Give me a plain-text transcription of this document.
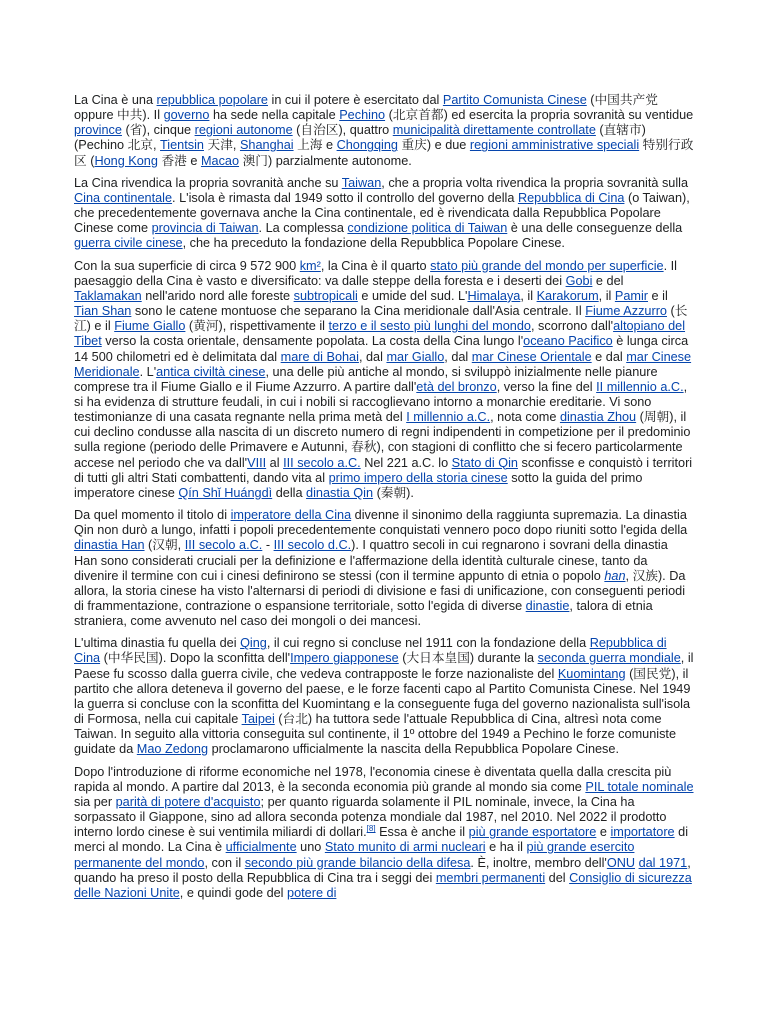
La Cina è una repubblica popolare in cui il potere è esercitato dal Partito Comunista Cinese (中国共产党 oppure 中共). Il governo ha sede nella capitale Pechino (北京首都) ed esercita la propria sovranità su ventidue province (省), cinque regioni autonome (自治区), quattro municipalità direttamente controllate (直辖市) (Pechino 北京, Tientsin 天津, Shanghai 上海 e Chongqing 重庆) e due regioni amministrative speciali 特别行政区 (Hong Kong 香港 e Macao 澳门) parzialmente autonome.

La Cina rivendica la propria sovranità anche su Taiwan, che a propria volta rivendica la propria sovranità sulla Cina continentale. L'isola è rimasta dal 1949 sotto il controllo del governo della Repubblica di Cina (o Taiwan), che precedentemente governava anche la Cina continentale, ed è rivendicata dalla Repubblica Popolare Cinese come provincia di Taiwan. La complessa condizione politica di Taiwan è una delle conseguenze della guerra civile cinese, che ha preceduto la fondazione della Repubblica Popolare Cinese.

Con la sua superficie di circa 9 572 900 km², la Cina è il quarto stato più grande del mondo per superficie. Il paesaggio della Cina è vasto e diversificato: va dalle steppe della foresta e i deserti dei Gobi e del Taklamakan nell'arido nord alle foreste subtropicali e umide del sud. L'Himalaya, il Karakorum, il Pamir e il Tian Shan sono le catene montuose che separano la Cina meridionale dall'Asia centrale. Il Fiume Azzurro (长江) e il Fiume Giallo (黄河), rispettivamente il terzo e il sesto più lunghi del mondo, scorrono dall'altopiano del Tibet verso la costa orientale, densamente popolata. La costa della Cina lungo l'oceano Pacifico è lunga circa 14 500 chilometri ed è delimitata dal mare di Bohai, dal mar Giallo, dal mar Cinese Orientale e dal mar Cinese Meridionale. L'antica civiltà cinese, una delle più antiche al mondo, si sviluppò inizialmente nelle pianure comprese tra il Fiume Giallo e il Fiume Azzurro. A partire dall'età del bronzo, verso la fine del II millennio a.C., si ha evidenza di strutture feudali, in cui i nobili si raccoglievano intorno a monarchie ereditarie. Vi sono testimonianze di una casata regnante nella prima metà del I millennio a.C., nota come dinastia Zhou (周朝), il cui declino condusse alla nascita di un discreto numero di regni indipendenti in competizione per il predominio sulla regione (periodo delle Primavere e Autunni, 春秋), con stagioni di conflitto che si fecero particolarmente accese nel periodo che va dall'VIII al III secolo a.C. Nel 221 a.C. lo Stato di Qin sconfisse e conquistò i territori di tutti gli altri Stati combattenti, dando vita al primo impero della storia cinese sotto la guida del primo imperatore cinese Qín Shǐ Huángdì della dinastia Qin (秦朝).

Da quel momento il titolo di imperatore della Cina divenne il sinonimo della raggiunta supremazia. La dinastia Qin non durò a lungo, infatti i popoli precedentemente conquistati vennero poco dopo riuniti sotto l'egida della dinastia Han (汉朝, III secolo a.C. - III secolo d.C.). I quattro secoli in cui regnarono i sovrani della dinastia Han sono considerati cruciali per la definizione e l'affermazione della identità culturale cinese, tanto da divenire il termine con cui i cinesi definirono se stessi (con il termine appunto di etnia o popolo han, 汉族). Da allora, la storia cinese ha visto l'alternarsi di periodi di divisione e fasi di unificazione, con conseguenti periodi di frammentazione, contrazione o espansione territoriale, sotto l'egida di diverse dinastie, talora di etnia straniera, come avvenuto nel caso dei mongoli o dei mancesi.

L'ultima dinastia fu quella dei Qing, il cui regno si concluse nel 1911 con la fondazione della Repubblica di Cina (中华民国). Dopo la sconfitta dell'Impero giapponese (大日本皇国) durante la seconda guerra mondiale, il Paese fu scosso dalla guerra civile, che vedeva contrapposte le forze nazionaliste del Kuomintang (国民党), il partito che allora deteneva il governo del paese, e le forze facenti capo al Partito Comunista Cinese. Nel 1949 la guerra si concluse con la sconfitta del Kuomintang e la conseguente fuga del governo nazionalista sull'isola di Formosa, nella cui capitale Taipei (台北) ha tuttora sede l'attuale Repubblica di Cina, altresì nota come Taiwan. In seguito alla vittoria conseguita sul continente, il 1º ottobre del 1949 a Pechino le forze comuniste guidate da Mao Zedong proclamarono ufficialmente la nascita della Repubblica Popolare Cinese.

Dopo l'introduzione di riforme economiche nel 1978, l'economia cinese è diventata quella dalla crescita più rapida al mondo. A partire dal 2013, è la seconda economia più grande al mondo sia come PIL totale nominale sia per parità di potere d'acquisto; per quanto riguarda solamente il PIL nominale, invece, la Cina ha sorpassato il Giappone, sino ad allora seconda potenza mondiale dal 1987, nel 2010. Nel 2022 il prodotto interno lordo cinese è sui ventimila miliardi di dollari.[8] Essa è anche il più grande esportatore e importatore di merci al mondo. La Cina è ufficialmente uno Stato munito di armi nucleari e ha il più grande esercito permanente del mondo, con il secondo più grande bilancio della difesa. È, inoltre, membro dell'ONU dal 1971, quando ha preso il posto della Repubblica di Cina tra i seggi dei membri permanenti del Consiglio di sicurezza delle Nazioni Unite, e quindi gode del potere di
